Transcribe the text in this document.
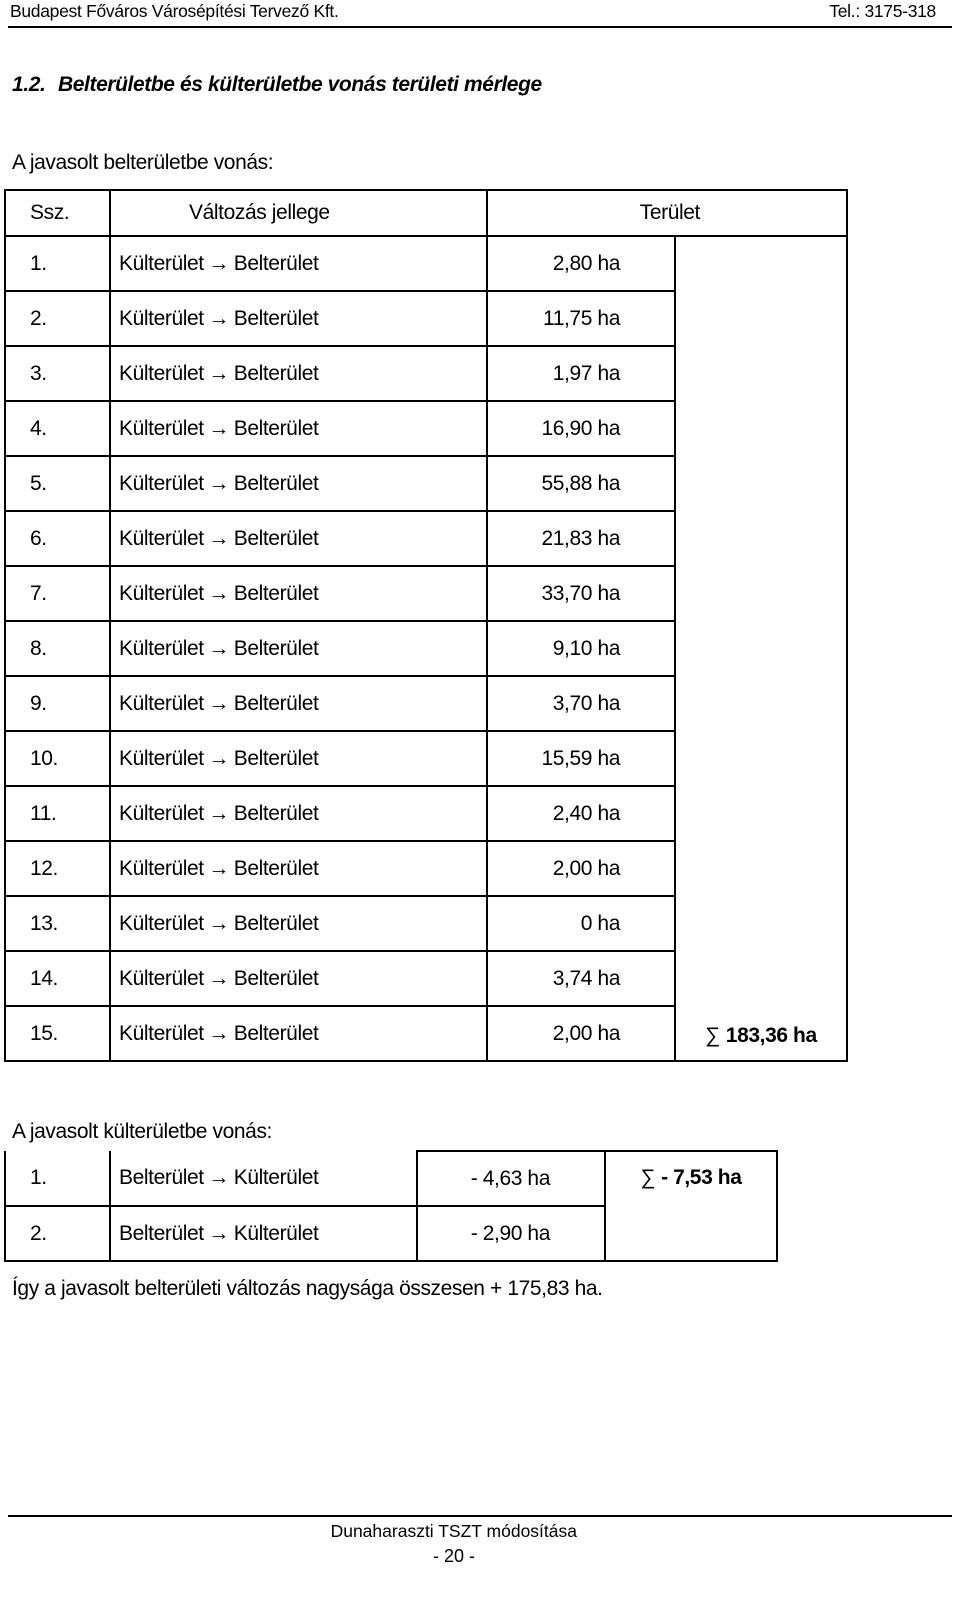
Budapest Főváros Városépítési Tervező Kft.	Tel.: 3175-318
1.2. Belterületbe és külterületbe vonás területi mérlege
A javasolt belterületbe vonás:
Ssz.	Változás jellege	Terület	
1.	Külterület → Belterület	2,80 ha	∑ 183,36 ha
2.	Külterület → Belterület	11,75 ha	
3.	Külterület → Belterület	1,97 ha	
4.	Külterület → Belterület	16,90 ha	
5.	Külterület → Belterület	55,88 ha	
6.	Külterület → Belterület	21,83 ha	
7.	Külterület → Belterület	33,70 ha	
8.	Külterület → Belterület	9,10 ha	
9.	Külterület → Belterület	3,70 ha	
10.	Külterület → Belterület	15,59 ha	
11.	Külterület → Belterület	2,40 ha	
12.	Külterület → Belterület	2,00 ha	
13.	Külterület → Belterület	0 ha	
14.	Külterület → Belterület	3,74 ha	
15.	Külterület → Belterület	2,00 ha	
A javasolt külterületbe vonás:
1.	Belterület → Külterület	- 4,63 ha	∑ - 7,53 ha
2.	Belterület → Külterület	- 2,90 ha	
Így a javasolt belterületi változás nagysága összesen + 175,83 ha.
Dunaharaszti TSZT módosítása
- 20 -
